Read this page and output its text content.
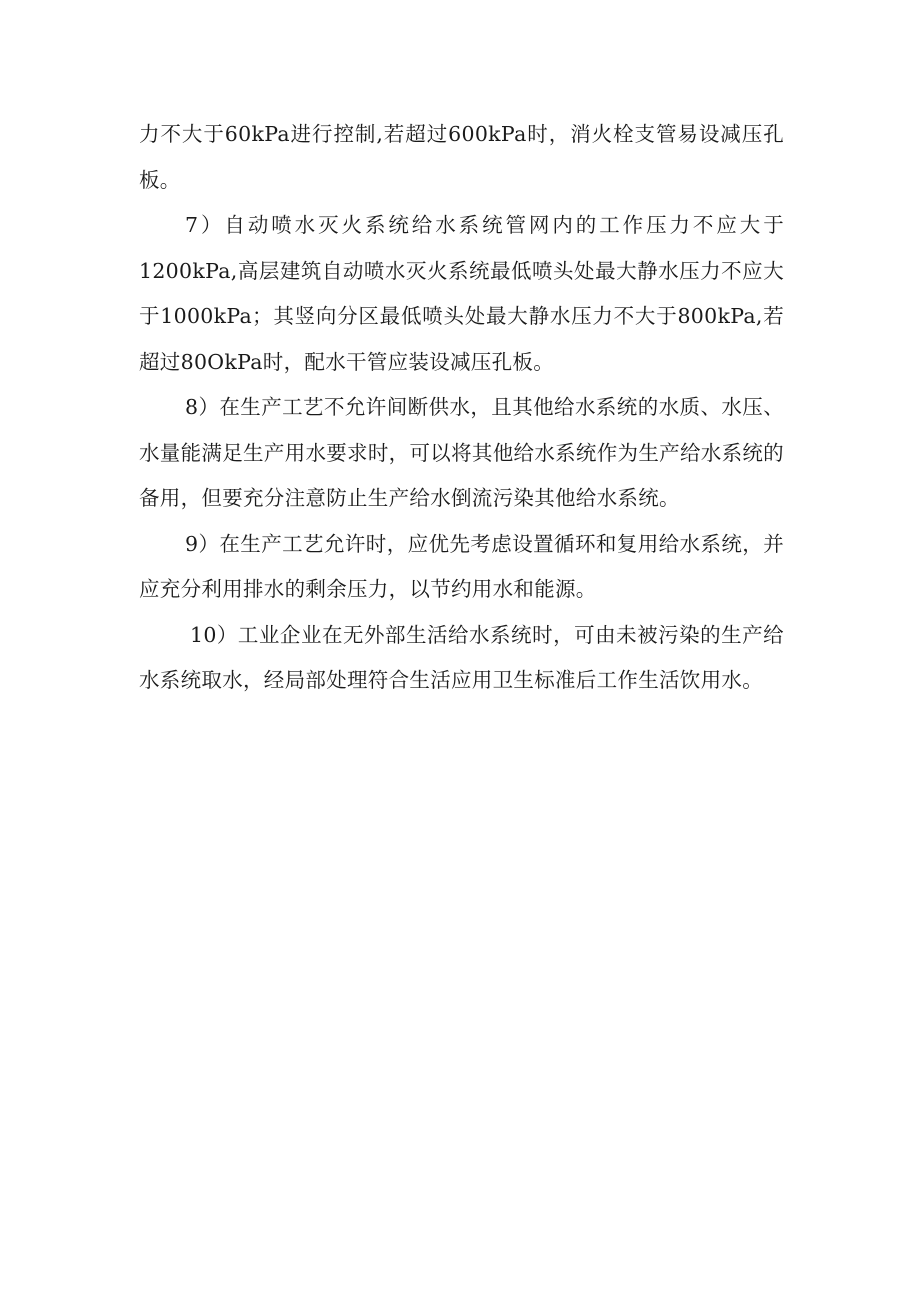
力不大于60kPa进行控制,若超过600kPa时，消火栓支管易设减压孔板。

7）自动喷水灭火系统给水系统管网内的工作压力不应大于1200kPa,高层建筑自动喷水灭火系统最低喷头处最大静水压力不应大于1000kPa；其竖向分区最低喷头处最大静水压力不大于800kPa,若超过80OkPa时，配水干管应装设减压孔板。

8）在生产工艺不允许间断供水，且其他给水系统的水质、水压、水量能满足生产用水要求时，可以将其他给水系统作为生产给水系统的备用，但要充分注意防止生产给水倒流污染其他给水系统。

9）在生产工艺允许时，应优先考虑设置循环和复用给水系统，并应充分利用排水的剩余压力，以节约用水和能源。

10）工业企业在无外部生活给水系统时，可由未被污染的生产给水系统取水，经局部处理符合生活应用卫生标准后工作生活饮用水。
